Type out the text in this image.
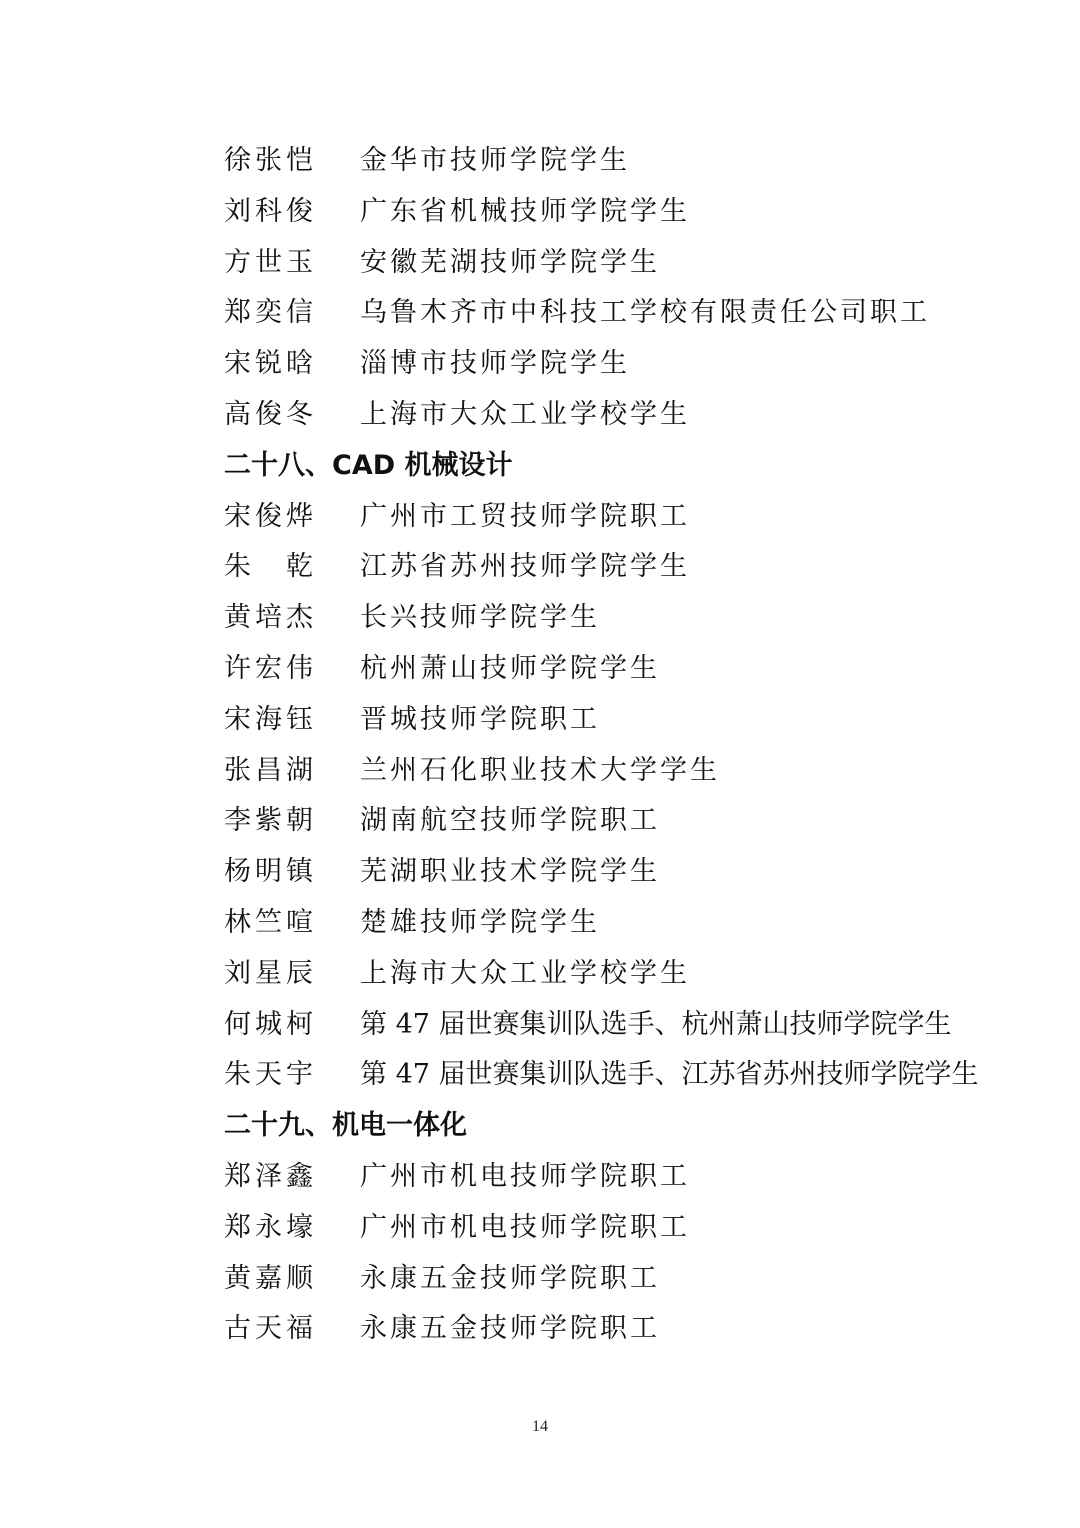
徐张恺	金华市技师学院学生
刘科俊	广东省机械技师学院学生
方世玉	安徽芜湖技师学院学生
郑奕信	乌鲁木齐市中科技工学校有限责任公司职工
宋锐晗	淄博市技师学院学生
高俊冬	上海市大众工业学校学生
二十八、CAD 机械设计
宋俊烨	广州市工贸技师学院职工
朱　乾	江苏省苏州技师学院学生
黄培杰	长兴技师学院学生
许宏伟	杭州萧山技师学院学生
宋海钰	晋城技师学院职工
张昌湖	兰州石化职业技术大学学生
李紫朝	湖南航空技师学院职工
杨明镇	芜湖职业技术学院学生
林竺喧	楚雄技师学院学生
刘星辰	上海市大众工业学校学生
何城柯	第 47 届世赛集训队选手、杭州萧山技师学院学生
朱天宇	第 47 届世赛集训队选手、江苏省苏州技师学院学生
二十九、机电一体化
郑泽鑫	广州市机电技师学院职工
郑永壕	广州市机电技师学院职工
黄嘉顺	永康五金技师学院职工
古天福	永康五金技师学院职工
14
